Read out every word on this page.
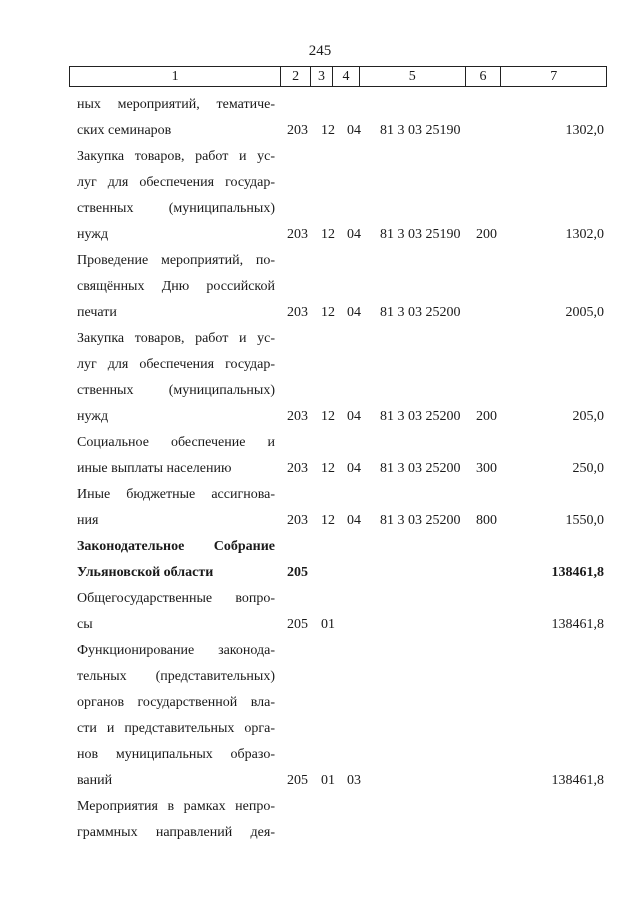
245
1	2	3	4	5	6	7
ных мероприятий, тематиче-
ских семинаров	203 12 04	81 3 03 25190	1302,0
Закупка товаров, работ и ус-
луг для обеспечения государ-
ственных (муниципальных)
нужд	203 12 04	81 3 03 25190	200	1302,0
Проведение мероприятий, по-
свящённых Дню российской
печати	203 12 04	81 3 03 25200	2005,0
Закупка товаров, работ и ус-
луг для обеспечения государ-
ственных (муниципальных)
нужд	203 12 04	81 3 03 25200	200	205,0
Социальное обеспечение и
иные выплаты населению	203 12 04	81 3 03 25200	300	250,0
Иные бюджетные ассигнова-
ния	203 12 04	81 3 03 25200	800	1550,0
Законодательное Собрание
Ульяновской области	205	138461,8
Общегосударственные вопро-
сы	205 01	138461,8
Функционирование законода-
тельных (представительных)
органов государственной вла-
сти и представительных орга-
нов муниципальных образо-
ваний	205 01 03	138461,8
Мероприятия в рамках непро-
граммных направлений дея-
